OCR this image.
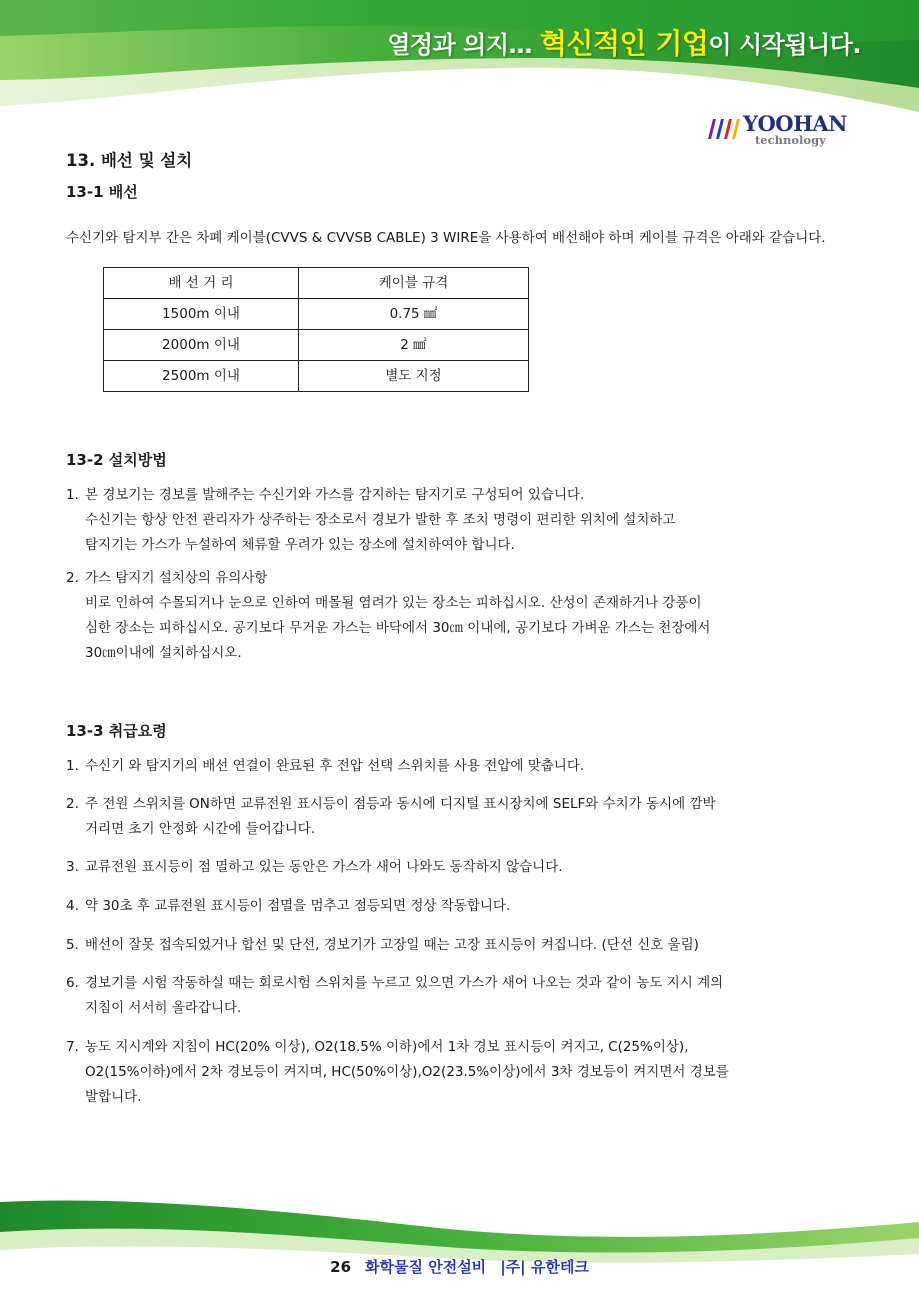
열정과 의지… 혁신적인 기업이 시작됩니다.
YOOHAN
technology
13. 배선 및 설치
13-1 배선

수신기와 탐지부 간은 차폐 케이블(CVVS & CVVSB CABLE) 3 WIRE을 사용하여 배선해야 하며 케이블 규격은 아래와 같습니다.

배 선 거 리	케이블 규격
1500m 이내	0.75 ㎟
2000m 이내	2 ㎟
2500m 이내	별도 지정
13-2 설치방법
1. 본 경보기는 경보를 발해주는 수신기와 가스를 감지하는 탐지기로 구성되어 있습니다.
수신기는 항상 안전 관리자가 상주하는 장소로서 경보가 발한 후 조치 명령이 편리한 위치에 설치하고
탐지기는 가스가 누설하여 체류할 우려가 있는 장소에 설치하여야 합니다.
2. 가스 탐지기 설치상의 유의사항
비로 인하여 수몰되거나 눈으로 인하여 매몰될 염려가 있는 장소는 피하십시오. 산성이 존재하거나 강풍이
심한 장소는 피하십시오. 공기보다 무거운 가스는 바닥에서 30㎝ 이내에, 공기보다 가벼운 가스는 천장에서
30㎝이내에 설치하십시오.
13-3 취급요령
1. 수신기 와 탐지기의 배선 연결이 완료된 후 전압 선택 스위치를 사용 전압에 맞춥니다.
2. 주 전원 스위치를 ON하면 교류전원 표시등이 점등과 동시에 디지털 표시장치에 SELF와 수치가 동시에 깜박
거리면 초기 안정화 시간에 들어갑니다.
3. 교류전원 표시등이 점 멸하고 있는 동안은 가스가 새어 나와도 동작하지 않습니다.
4. 약 30초 후 교류전원 표시등이 점멸을 멈추고 점등되면 정상 작동합니다.
5. 배선이 잘못 접속되었거나 합선 및 단선, 경보기가 고장일 때는 고장 표시등이 켜집니다. (단선 신호 울림)
6. 경보기를 시험 작동하실 때는 회로시험 스위치를 누르고 있으면 가스가 새어 나오는 것과 같이 농도 지시 계의
지침이 서서히 올라갑니다.
7. 농도 지시계와 지침이 HC(20% 이상), O2(18.5% 이하)에서 1차 경보 표시등이 켜지고, C(25%이상),
O2(15%이하)에서 2차 경보등이 켜지며, HC(50%이상),O2(23.5%이상)에서 3차 경보등이 켜지면서 경보를
발합니다.
26 화학물질 안전설비 |주| 유한테크
